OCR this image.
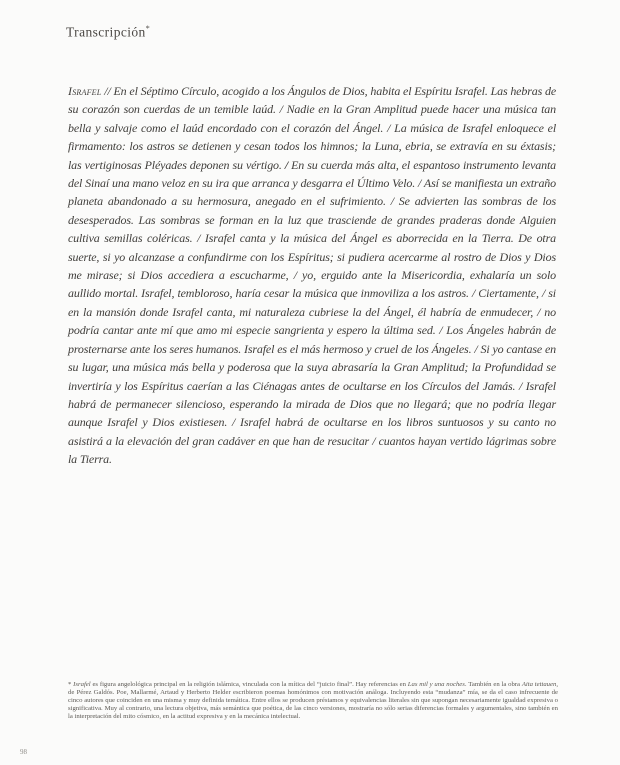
Transcripción*

Israfel // En el Séptimo Círculo, acogido a los Ángulos de Dios, habita el Espíritu Israfel. Las hebras de su corazón son cuerdas de un temible laúd. / Nadie en la Gran Amplitud puede hacer una música tan bella y salvaje como el laúd encordado con el corazón del Ángel. / La música de Israfel enloquece el firmamento: los astros se detienen y cesan todos los himnos; la Luna, ebria, se extravía en su éxtasis; las vertiginosas Pléyades deponen su vértigo. / En su cuerda más alta, el espantoso instrumento levanta del Sinaí una mano veloz en su ira que arranca y desgarra el Último Velo. / Así se manifiesta un extraño planeta abandonado a su hermosura, anegado en el sufrimiento. / Se advierten las sombras de los desesperados. Las sombras se forman en la luz que trasciende de grandes praderas donde Alguien cultiva semillas coléricas. / Israfel canta y la música del Ángel es aborrecida en la Tierra. De otra suerte, si yo alcanzase a confundirme con los Espíritus; si pudiera acercarme al rostro de Dios y Dios me mirase; si Dios accediera a escucharme, / yo, erguido ante la Misericordia, exhalaría un solo aullido mortal. Israfel, tembloroso, haría cesar la música que inmoviliza a los astros. / Ciertamente, / si en la mansión donde Israfel canta, mi naturaleza cubriese la del Ángel, él habría de enmudecer, / no podría cantar ante mí que amo mi especie sangrienta y espero la última sed. / Los Ángeles habrán de prosternarse ante los seres humanos. Israfel es el más hermoso y cruel de los Ángeles. / Si yo cantase en su lugar, una música más bella y poderosa que la suya abrasaría la Gran Amplitud; la Profundidad se invertiría y los Espíritus caerían a las Ciénagas antes de ocultarse en los Círculos del Jamás. / Israfel habrá de permanecer silencioso, esperando la mirada de Dios que no llegará; que no podría llegar aunque Israfel y Dios existiesen. / Israfel habrá de ocultarse en los libros suntuosos y su canto no asistirá a la elevación del gran cadáver en que han de resucitar / cuantos hayan vertido lágrimas sobre la Tierra.

* Israfel es figura angelológica principal en la religión islámica, vinculada con la mítica del “juicio final”. Hay referencias en Las mil y una noches. También en la obra Aita tettauen, de Pérez Galdós. Poe, Mallarmé, Artaud y Herberto Helder escribieron poemas homónimos con motivación análoga. Incluyendo esta “mudanza” mía, se da el caso infrecuente de cinco autores que coinciden en una misma y muy definida temática. Entre ellos se producen préstamos y equivalencias literales sin que supongan necesariamente igualdad expresiva o significativa. Muy al contrario, una lectura objetiva, más semántica que poética, de las cinco versiones, mostraría no sólo serias diferencias formales y argumentales, sino también en la interpretación del mito cósmico, en la actitud expresiva y en la mecánica intelectual.

98
